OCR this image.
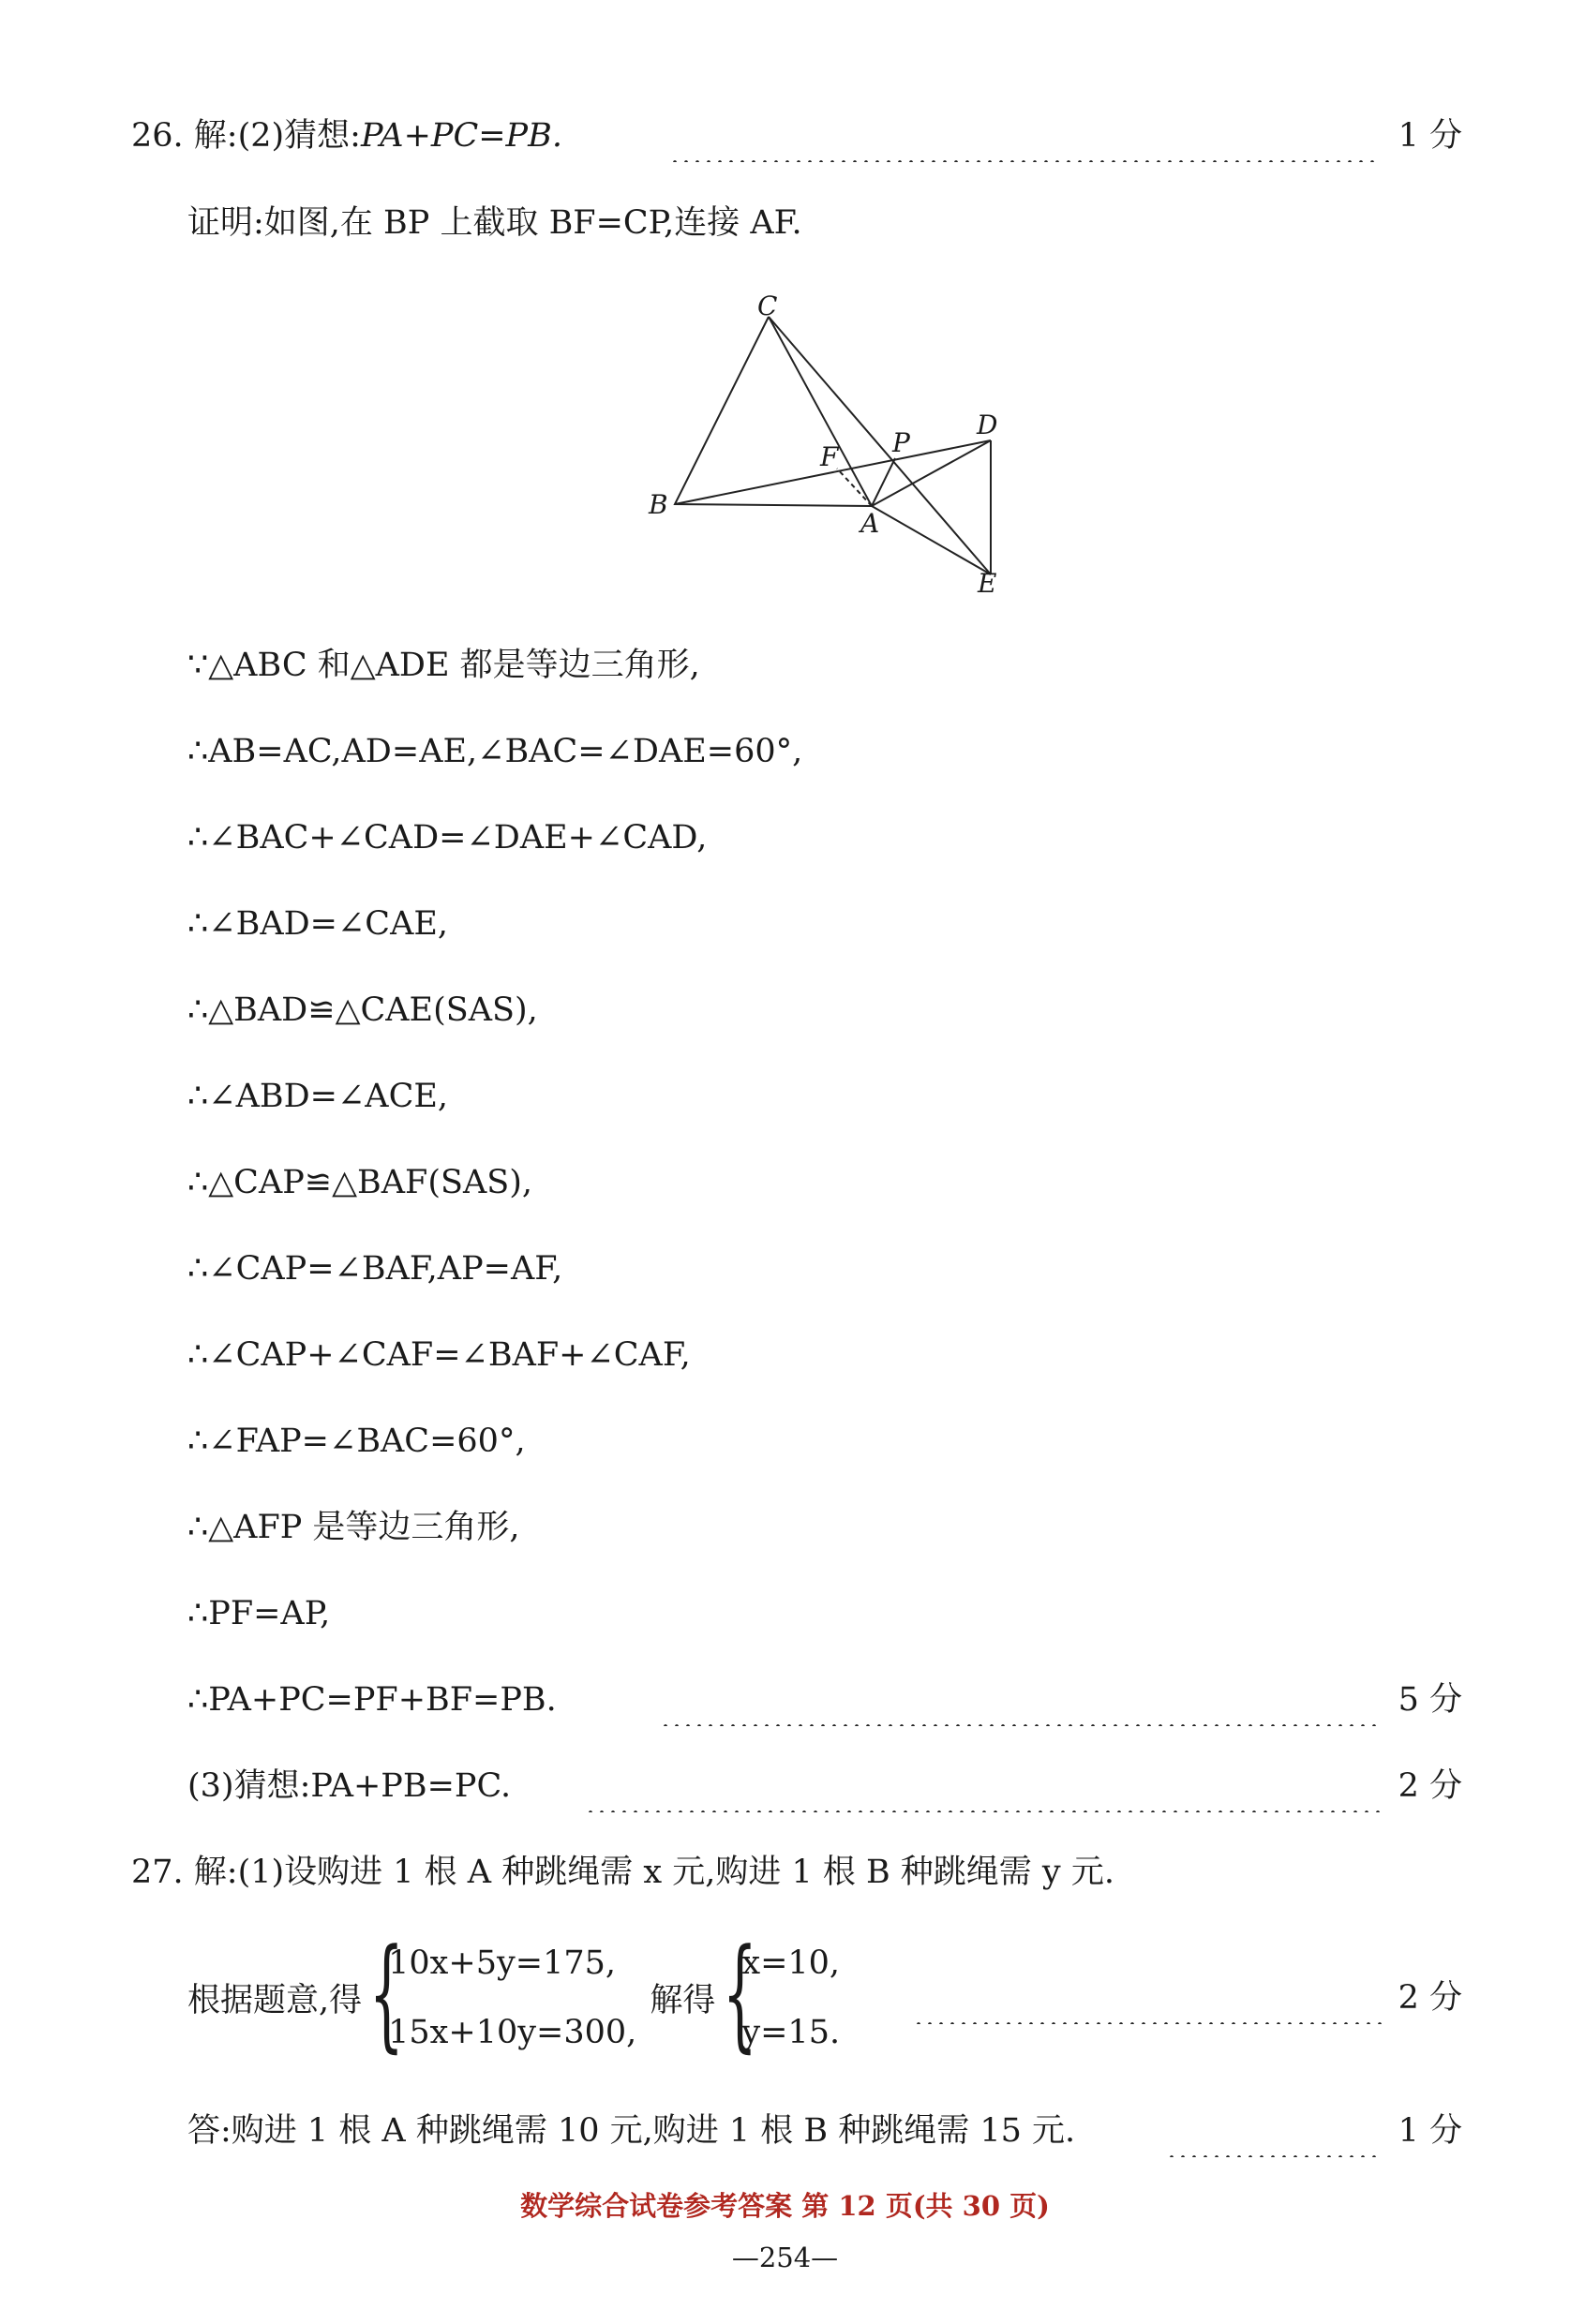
26. 解:(2)猜想:PA+PC=PB.	1 分
证明:如图,在 BP 上截取 BF=CP,连接 AF.
C
D
F P
B
A
E
∵△ABC 和△ADE 都是等边三角形,
∴AB=AC,AD=AE,∠BAC=∠DAE=60°,
∴∠BAC+∠CAD=∠DAE+∠CAD,
∴∠BAD=∠CAE,
∴△BAD≌△CAE(SAS),
∴∠ABD=∠ACE,
∴△CAP≌△BAF(SAS),
∴∠CAP=∠BAF,AP=AF,
∴∠CAP+∠CAF=∠BAF+∠CAF,
∴∠FAP=∠BAC=60°,
∴△AFP 是等边三角形,
∴PF=AP,
∴PA+PC=PF+BF=PB.	5 分
(3)猜想:PA+PB=PC.	2 分
27. 解:(1)设购进 1 根 A 种跳绳需 x 元,购进 1 根 B 种跳绳需 y 元.
根据题意,得 {
10x+5y=175,
15x+10y=300,
解得 {
x=10,
y=15.
2 分
答:购进 1 根 A 种跳绳需 10 元,购进 1 根 B 种跳绳需 15 元.	1 分
数学综合试卷参考答案 第 12 页(共 30 页)
—254—
